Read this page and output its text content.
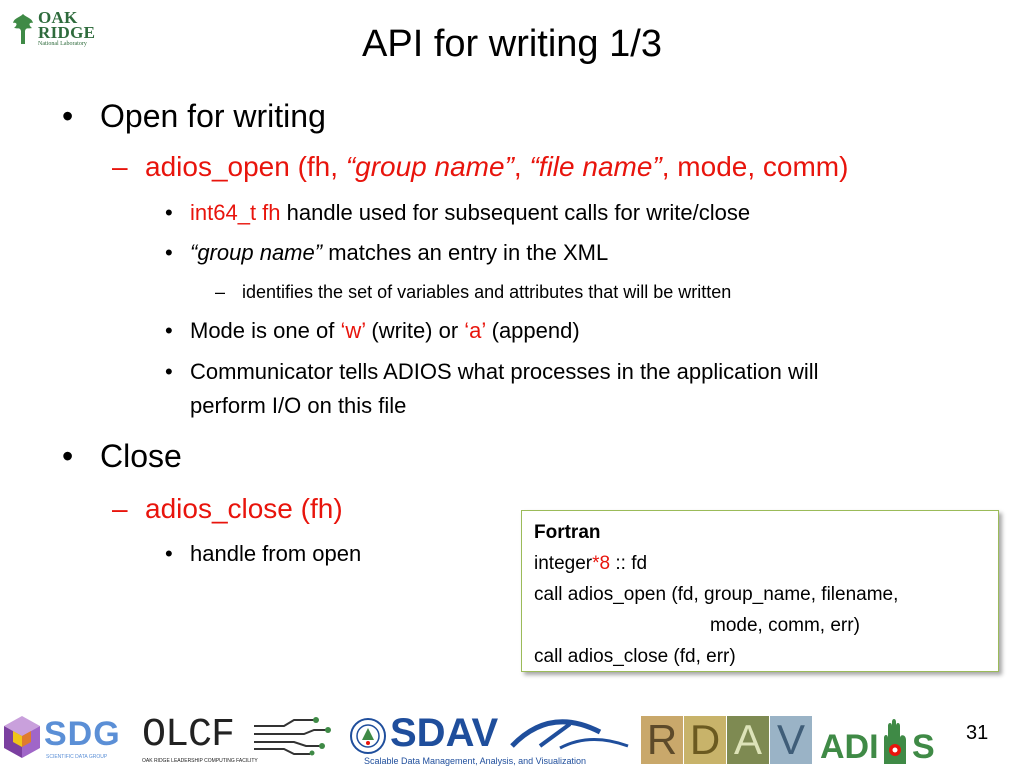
OAK
RIDGE
National Laboratory	API for writing 1/3
• Open for writing
– adios_open (fh, “group name”, “file name”, mode, comm)
• int64_t fh handle used for subsequent calls for write/close
• “group name” matches an entry in the XML
– identifies the set of variables and attributes that will be written
• Mode is one of ‘w’ (write) or ‘a’ (append)
• Communicator tells ADIOS what processes in the application will
perform I/O on this file
• Close
– adios_close (fh)
• handle from open
Fortran
integer*8 :: fd
call adios_open (fd, group_name, filename,
mode, comm, err)
call adios_close (fd, err)
SDG
SCIENTIFIC DATA GROUP OLCF
OAK RIDGE LEADERSHIP COMPUTING FACILITY
SDAV
Scalable Data Management, Analysis, and Visualization R D A V ADI S 31
